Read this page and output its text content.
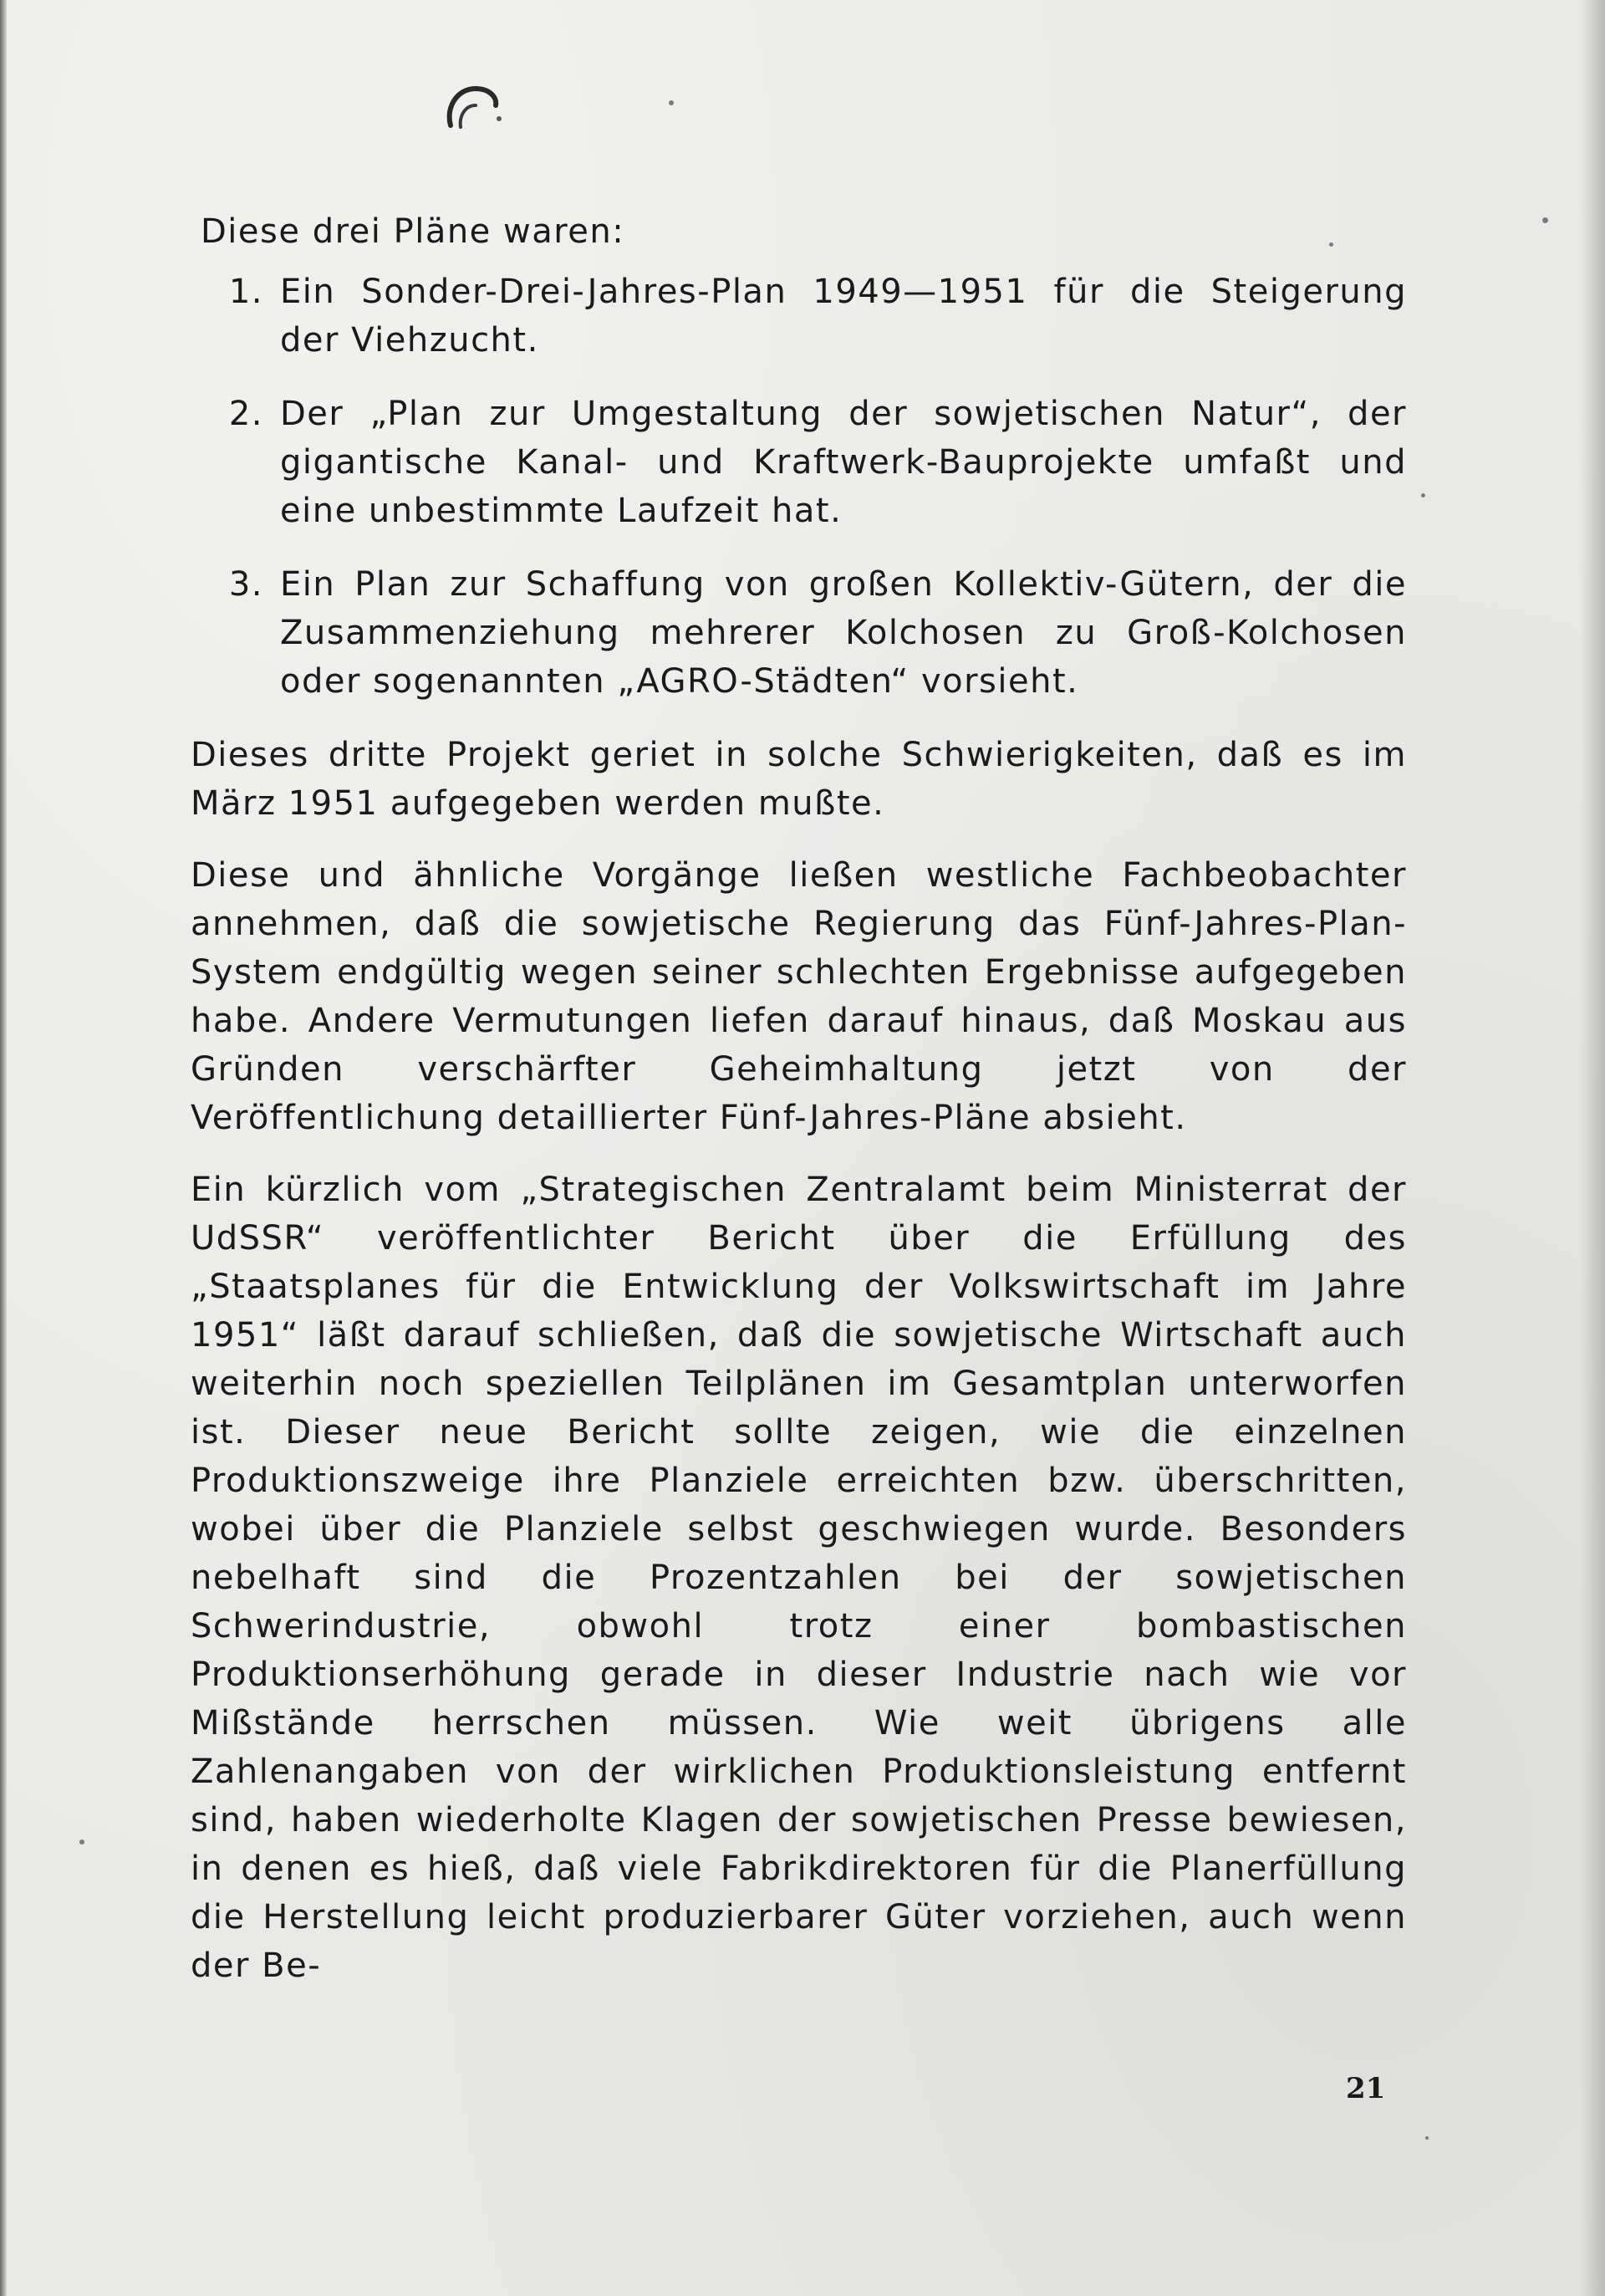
Diese drei Pläne waren:

1. Ein Sonder-Drei-Jahres-Plan 1949—1951 für die Steigerung der Viehzucht.
2. Der „Plan zur Umgestaltung der sowjetischen Natur“, der gigantische Kanal- und Kraftwerk-Bauprojekte umfaßt und eine unbestimmte Laufzeit hat.
3. Ein Plan zur Schaffung von großen Kollektiv-Gütern, der die Zusammenziehung mehrerer Kolchosen zu Groß-Kolchosen oder sogenannten „AGRO-Städten“ vorsieht.

Dieses dritte Projekt geriet in solche Schwierigkeiten, daß es im März 1951 aufgegeben werden mußte.

Diese und ähnliche Vorgänge ließen westliche Fachbeobachter annehmen, daß die sowjetische Regierung das Fünf-Jahres-Plan-System endgültig wegen seiner schlechten Ergebnisse aufgegeben habe. Andere Vermutungen liefen darauf hinaus, daß Moskau aus Gründen verschärfter Geheimhaltung jetzt von der Veröffentlichung detaillierter Fünf-Jahres-Pläne absieht.

Ein kürzlich vom „Strategischen Zentralamt beim Ministerrat der UdSSR“ veröffentlichter Bericht über die Erfüllung des „Staatsplanes für die Entwicklung der Volkswirtschaft im Jahre 1951“ läßt darauf schließen, daß die sowjetische Wirtschaft auch weiterhin noch speziellen Teilplänen im Gesamtplan unterworfen ist. Dieser neue Bericht sollte zeigen, wie die einzelnen Produktionszweige ihre Planziele erreichten bzw. überschritten, wobei über die Planziele selbst geschwiegen wurde. Besonders nebelhaft sind die Prozentzahlen bei der sowjetischen Schwerindustrie, obwohl trotz einer bombastischen Produktionserhöhung gerade in dieser Industrie nach wie vor Mißstände herrschen müssen. Wie weit übrigens alle Zahlenangaben von der wirklichen Produktionsleistung entfernt sind, haben wiederholte Klagen der sowjetischen Presse bewiesen, in denen es hieß, daß viele Fabrikdirektoren für die Planerfüllung die Herstellung leicht produzierbarer Güter vorziehen, auch wenn der Be-

21
